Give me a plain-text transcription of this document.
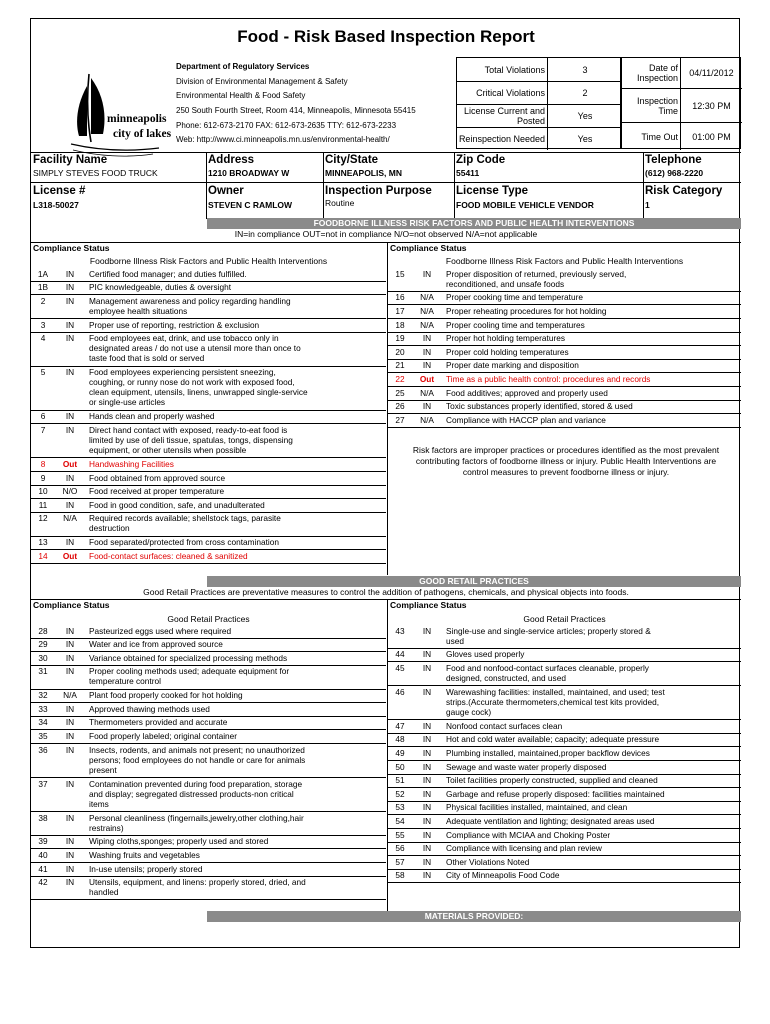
Food - Risk Based Inspection Report
minneapolis
city of lakes
Department of Regulatory Services
Division of Environmental Management & Safety
Environmental Health & Food Safety
250 South Fourth Street, Room 414, Minneapolis, Minnesota 55415
Phone: 612-673-2170 FAX: 612-673-2635 TTY: 612-673-2233
Web: http://www.ci.minneapolis.mn.us/environmental-health/
Total Violations	3
Critical Violations	2
License Current and Posted	Yes
Reinspection Needed	Yes
Date of Inspection	04/11/2012
Inspection Time	12:30 PM
Time Out	01:00 PM
Facility Name
SIMPLY STEVES FOOD TRUCK
Address
1210 BROADWAY W
City/State
MINNEAPOLIS, MN
Zip Code
55411
Telephone
(612) 968-2220
License #
L318-50027
Owner
STEVEN C RAMLOW
Inspection Purpose
Routine
License Type
FOOD MOBILE VEHICLE VENDOR
Risk Category
1
FOODBORNE ILLNESS RISK FACTORS AND PUBLIC HEALTH INTERVENTIONS
IN=in compliance OUT=not in compliance N/O=not observed N/A=not applicable
Compliance Status	Compliance Status
Foodborne Illness Risk Factors and Public Health Interventions	Foodborne Illness Risk Factors and Public Health Interventions
1A	IN	Certified food manager; and duties fulfilled.
1B	IN	PIC knowledgeable, duties & oversight
2	IN	Management awareness and policy regarding handling
employee health situations
3	IN	Proper use of reporting, restriction & exclusion
4	IN	Food employees eat, drink, and use tobacco only in
designated areas / do not use a utensil more than once to
taste food that is sold or served
5	IN	Food employees experiencing persistent sneezing,
coughing, or runny nose do not work with exposed food,
clean equipment, utensils, linens, unwrapped single-service
or single-use articles
6	IN	Hands clean and properly washed
7	IN	Direct hand contact with exposed, ready-to-eat food is
limited by use of deli tissue, spatulas, tongs, dispensing
equipment, or other utensils when possible
8	Out	Handwashing Facilities
9	IN	Food obtained from approved source
10	N/O	Food received at proper temperature
11	IN	Food in good condition, safe, and unadulterated
12	N/A	Required records available; shellstock tags, parasite
destruction
13	IN	Food separated/protected from cross contamination
14	Out	Food-contact surfaces: cleaned & sanitized
15	IN	Proper disposition of returned, previously served,
reconditioned, and unsafe foods
16	N/A	Proper cooking time and temperature
17	N/A	Proper reheating procedures for hot holding
18	N/A	Proper cooling time and temperatures
19	IN	Proper hot holding temperatures
20	IN	Proper cold holding temperatures
21	IN	Proper date marking and disposition
22	Out	Time as a public health control: procedures and records
25	N/A	Food additives; approved and properly used
26	IN	Toxic substances properly identified, stored & used
27	N/A	Compliance with HACCP plan and variance
Risk factors are improper practices or procedures identified as the most prevalent contributing factors of foodborne illness or injury. Public Health Interventions are control measures to prevent foodborne illness or injury.
GOOD RETAIL PRACTICES
Good Retail Practices are preventative measures to control the addition of pathogens, chemicals, and physical objects into foods.
Compliance Status	Compliance Status
Good Retail Practices	Good Retail Practices
28	IN	Pasteurized eggs used where required
29	IN	Water and ice from approved source
30	IN	Variance obtained for specialized processing methods
31	IN	Proper cooling methods used; adequate equipment for
temperature control
32	N/A	Plant food properly cooked for hot holding
33	IN	Approved thawing methods used
34	IN	Thermometers provided and accurate
35	IN	Food properly labeled; original container
36	IN	Insects, rodents, and animals not present; no unauthorized
persons; food employees do not handle or care for animals
present
37	IN	Contamination prevented during food preparation, storage
and display; segregated distressed products-non critical
items
38	IN	Personal cleanliness (fingernails,jewelry,other clothing,hair
restrains)
39	IN	Wiping cloths,sponges; properly used and stored
40	IN	Washing fruits and vegetables
41	IN	In-use utensils; properly stored
42	IN	Utensils, equipment, and linens: properly stored, dried, and
handled
43	IN	Single-use and single-service articles; properly stored &
used
44	IN	Gloves used properly
45	IN	Food and nonfood-contact surfaces cleanable, properly
designed, constructed, and used
46	IN	Warewashing facilities: installed, maintained, and used; test
strips.(Accurate thermometers,chemical test kits provided,
gauge cock)
47	IN	Nonfood contact surfaces clean
48	IN	Hot and cold water available; capacity; adequate pressure
49	IN	Plumbing installed, maintained,proper backflow devices
50	IN	Sewage and waste water properly disposed
51	IN	Toilet facilities properly constructed, supplied and cleaned
52	IN	Garbage and refuse properly disposed: facilities maintained
53	IN	Physical facilities installed, maintained, and clean
54	IN	Adequate ventilation and lighting; designated areas used
55	IN	Compliance with MCIAA and Choking Poster
56	IN	Compliance with licensing and plan review
57	IN	Other Violations Noted
58	IN	City of Minneapolis Food Code
MATERIALS PROVIDED:
